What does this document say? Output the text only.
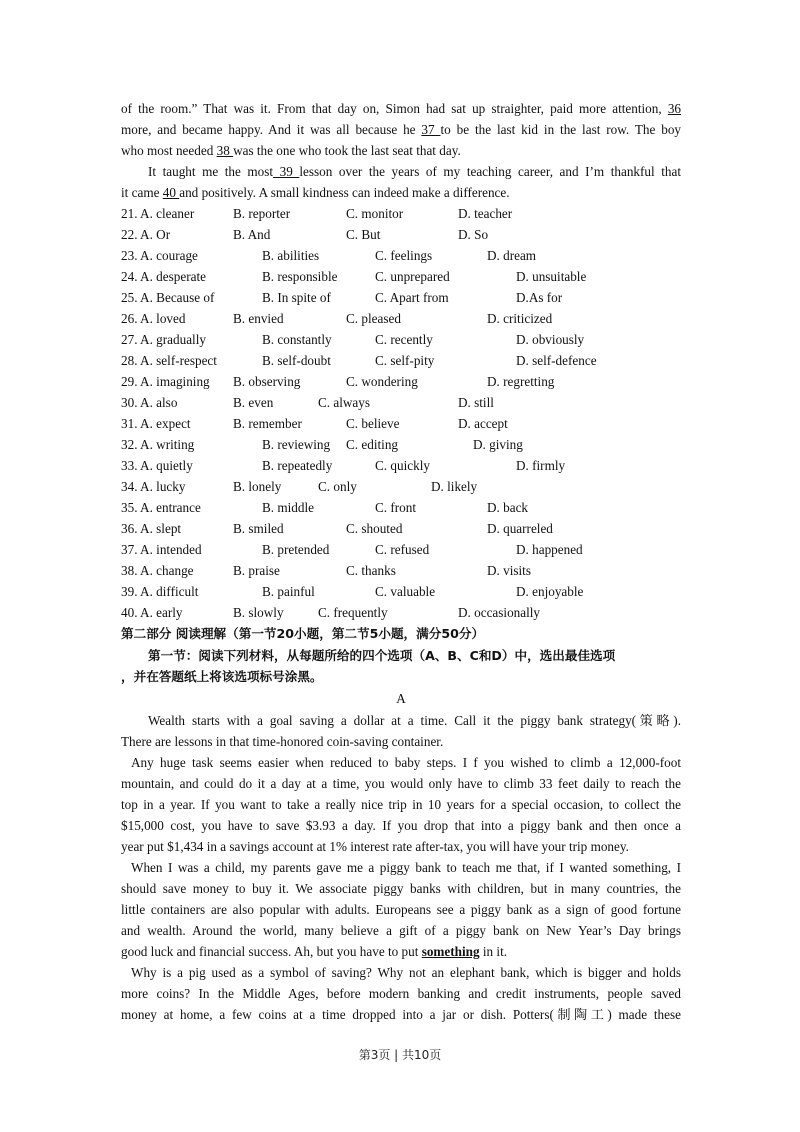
of the room.” That was it. From that day on, Simon had sat up straighter, paid more attention, 36
more, and became happy. And it was all because he 37 to be the last kid in the last row. The boy
who most needed 38 was the one who took the last seat that day.
It taught me the most 39 lesson over the years of my teaching career, and I’m thankful that
it came 40 and positively. A small kindness can indeed make a difference.
21. A. cleaner	B. reporter	C. monitor	D. teacher
22. A. Or	B. And	C. But	D. So
23. A. courage	B. abilities	C. feelings	D. dream
24. A. desperate	B. responsible	C. unprepared	D. unsuitable
25. A. Because of	B. In spite of	C. Apart from	D.As for
26. A. loved	B. envied	C. pleased	D. criticized
27. A. gradually	B. constantly	C. recently	D. obviously
28. A. self-respect	B. self-doubt	C. self-pity	D. self-defence
29. A. imagining B. observing	C. wondering	D. regretting
30. A. also	B. even	C. always	D. still
31. A. expect	B. remember	C. believe	D. accept
32. A. writing	B. reviewing C. editing	D. giving
33. A. quietly	B. repeatedly	C. quickly	D. firmly
34. A. lucky	B. lonely	C. only	D. likely
35. A. entrance	B. middle	C. front	D. back
36. A. slept	B. smiled	C. shouted	D. quarreled
37. A. intended	B. pretended	C. refused	D. happened
38. A. change	B. praise	C. thanks	D. visits
39. A. difficult	B. painful	C. valuable	D. enjoyable
40. A. early	B. slowly	C. frequently	D. occasionally
第二部分 阅读理解（第一节20小题，第二节5小题，满分50分）
第一节：阅读下列材料，从每题所给的四个选项（A、B、C和D）中，选出最佳选项
，并在答题纸上将该选项标号涂黑。
A
Wealth starts with a goal saving a dollar at a time. Call it the piggy bank strategy(策略).
There are lessons in that time-honored coin-saving container.
Any huge task seems easier when reduced to baby steps. I f you wished to climb a 12,000-foot
mountain, and could do it a day at a time, you would only have to climb 33 feet daily to reach the
top in a year. If you want to take a really nice trip in 10 years for a special occasion, to collect the
$15,000 cost, you have to save $3.93 a day. If you drop that into a piggy bank and then once a
year put $1,434 in a savings account at 1% interest rate after-tax, you will have your trip money.
When I was a child, my parents gave me a piggy bank to teach me that, if I wanted something, I
should save money to buy it. We associate piggy banks with children, but in many countries, the
little containers are also popular with adults. Europeans see a piggy bank as a sign of good fortune
and wealth. Around the world, many believe a gift of a piggy bank on New Year’s Day brings
good luck and financial success. Ah, but you have to put something in it.
Why is a pig used as a symbol of saving? Why not an elephant bank, which is bigger and holds
more coins? In the Middle Ages, before modern banking and credit instruments, people saved
money at home, a few coins at a time dropped into a jar or dish. Potters(制陶工) made these
第3页 | 共10页
